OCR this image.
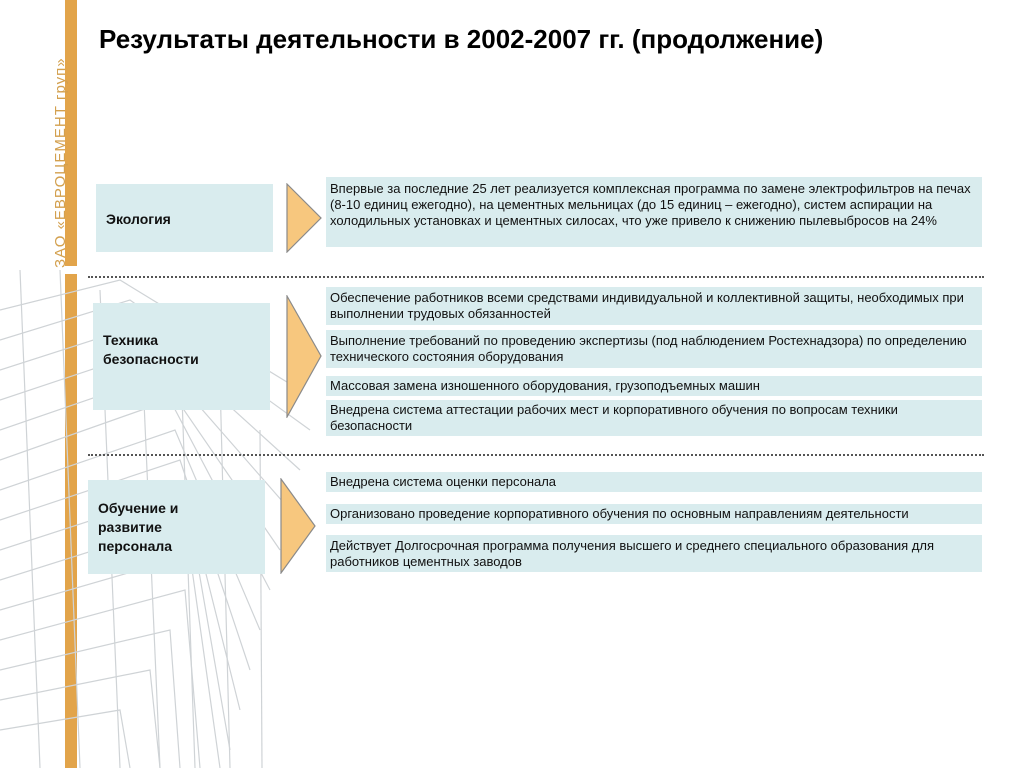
ЗАО «ЕВРОЦЕМЕНТ груп»
Результаты деятельности в 2002-2007 гг. (продолжение)
Экология
Впервые за последние 25 лет реализуется комплексная программа по замене электрофильтров на печах (8-10 единиц ежегодно), на цементных мельницах (до 15 единиц – ежегодно), систем аспирации на холодильных установках и цементных силосах, что уже привело к снижению пылевыбросов на 24%
Техника
безопасности
Обеспечение работников всеми средствами индивидуальной и коллективной защиты, необходимых при выполнении трудовых обязанностей
Выполнение требований по проведению экспертизы (под наблюдением Ростехнадзора) по определению технического состояния оборудования
Массовая замена изношенного оборудования, грузоподъемных машин
Внедрена система аттестации рабочих мест и корпоративного обучения по вопросам техники безопасности
Обучение и
развитие
персонала
Внедрена система оценки персонала
Организовано проведение корпоративного обучения по основным направлениям деятельности
Действует Долгосрочная программа получения высшего и среднего специального образования для работников цементных заводов
